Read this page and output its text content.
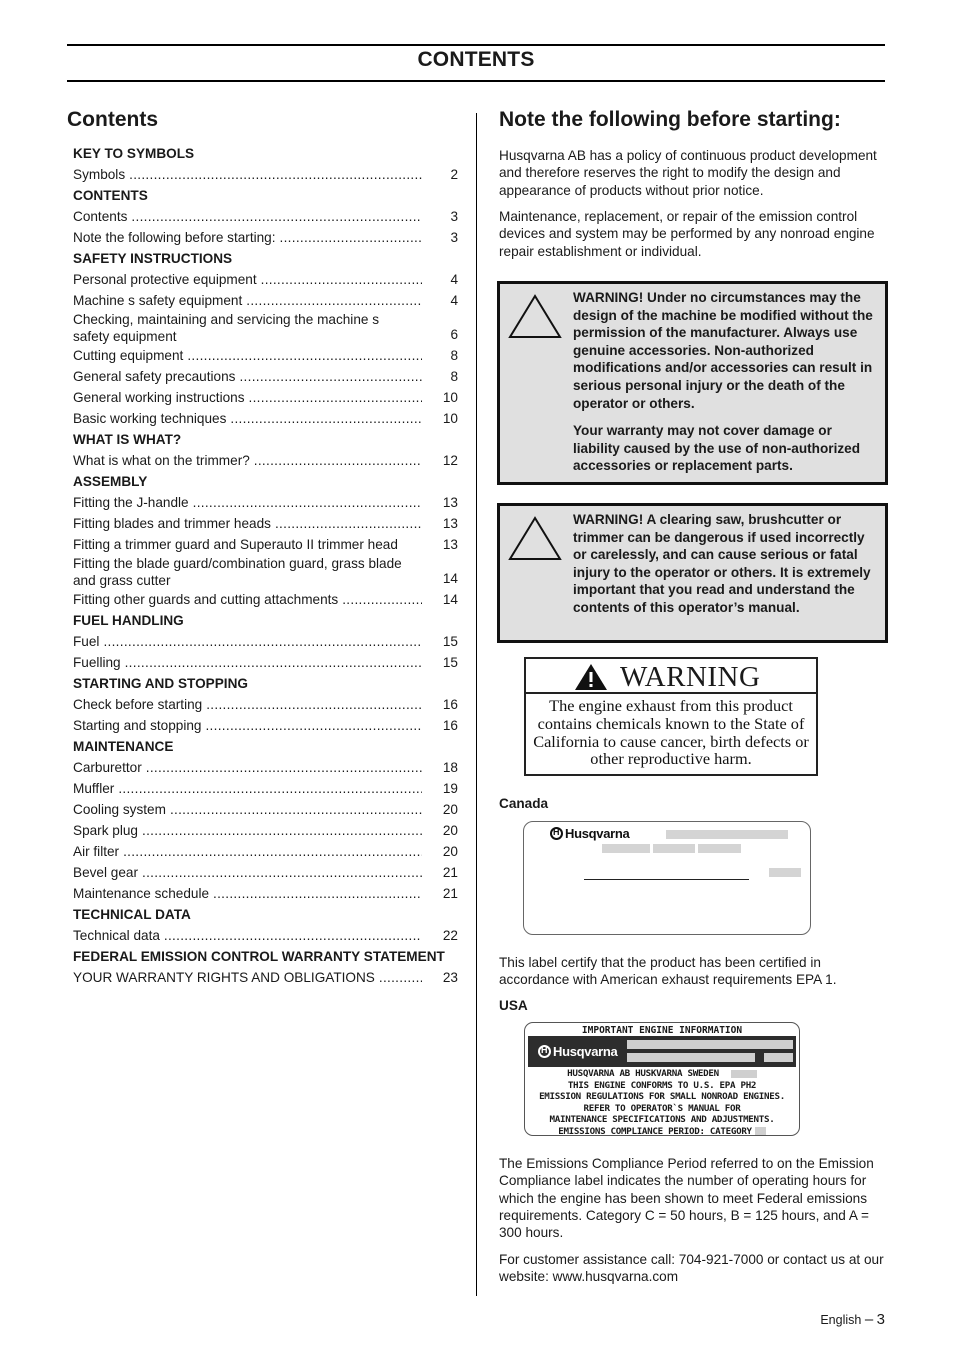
CONTENTS
Contents
KEY TO SYMBOLS
Symbols .....	2
CONTENTS
Contents .....	3
Note the following before starting: .....	3
SAFETY INSTRUCTIONS
Personal protective equipment .....	4
Machine s safety equipment .....	4
Checking, maintaining and servicing the machine s safety equipment	6
Cutting equipment .....	8
General safety precautions .....	8
General working instructions .....	10
Basic working techniques .....	10
WHAT IS WHAT?
What is what on the trimmer? .....	12
ASSEMBLY
Fitting the J-handle .....	13
Fitting blades and trimmer heads .....	13
Fitting a trimmer guard and Superauto II trimmer head	13
Fitting the blade guard/combination guard, grass blade and grass cutter	14
Fitting other guards and cutting attachments .....	14
FUEL HANDLING
Fuel .....	15
Fuelling .....	15
STARTING AND STOPPING
Check before starting .....	16
Starting and stopping .....	16
MAINTENANCE
Carburettor .....	18
Muffler .....	19
Cooling system .....	20
Spark plug .....	20
Air filter .....	20
Bevel gear .....	21
Maintenance schedule .....	21
TECHNICAL DATA
Technical data .....	22
FEDERAL EMISSION CONTROL WARRANTY STATEMENT
YOUR WARRANTY RIGHTS AND OBLIGATIONS .....	23
Note the following before starting:
Husqvarna AB has a policy of continuous product development and therefore reserves the right to modify the design and appearance of products without prior notice.
Maintenance, replacement, or repair of the emission control devices and system may be performed by any nonroad engine repair establishment or individual.
WARNING! Under no circumstances may the design of the machine be modified without the permission of the manufacturer. Always use genuine accessories. Non-authorized modifications and/or accessories can result in serious personal injury or the death of the operator or others.
Your warranty may not cover damage or liability caused by the use of non-authorized accessories or replacement parts.
WARNING! A clearing saw, brushcutter or trimmer can be dangerous if used incorrectly or carelessly, and can cause serious or fatal injury to the operator or others. It is extremely important that you read and understand the contents of this operator’s manual.
WARNING
The engine exhaust from this product contains chemicals known to the State of California to cause cancer, birth defects or other reproductive harm.
Canada
H
Husqvarna
This label certify that the product has been certified in accordance with American exhaust requirements EPA 1.
USA
IMPORTANT ENGINE INFORMATION
H
Husqvarna
HUSQVARNA AB HUSKVARNA SWEDEN
THIS ENGINE CONFORMS TO U.S. EPA PH2
EMISSION REGULATIONS FOR SMALL NONROAD ENGINES.
REFER TO OPERATOR`S MANUAL FOR
MAINTENANCE SPECIFICATIONS AND ADJUSTMENTS.
EMISSIONS COMPLIANCE PERIOD: CATEGORY
The Emissions Compliance Period referred to on the Emission Compliance label indicates the number of operating hours for which the engine has been shown to meet Federal emissions requirements. Category C = 50 hours, B = 125 hours, and A = 300 hours.
For customer assistance call: 704-921-7000 or contact us at our website: www.husqvarna.com
English – 3
